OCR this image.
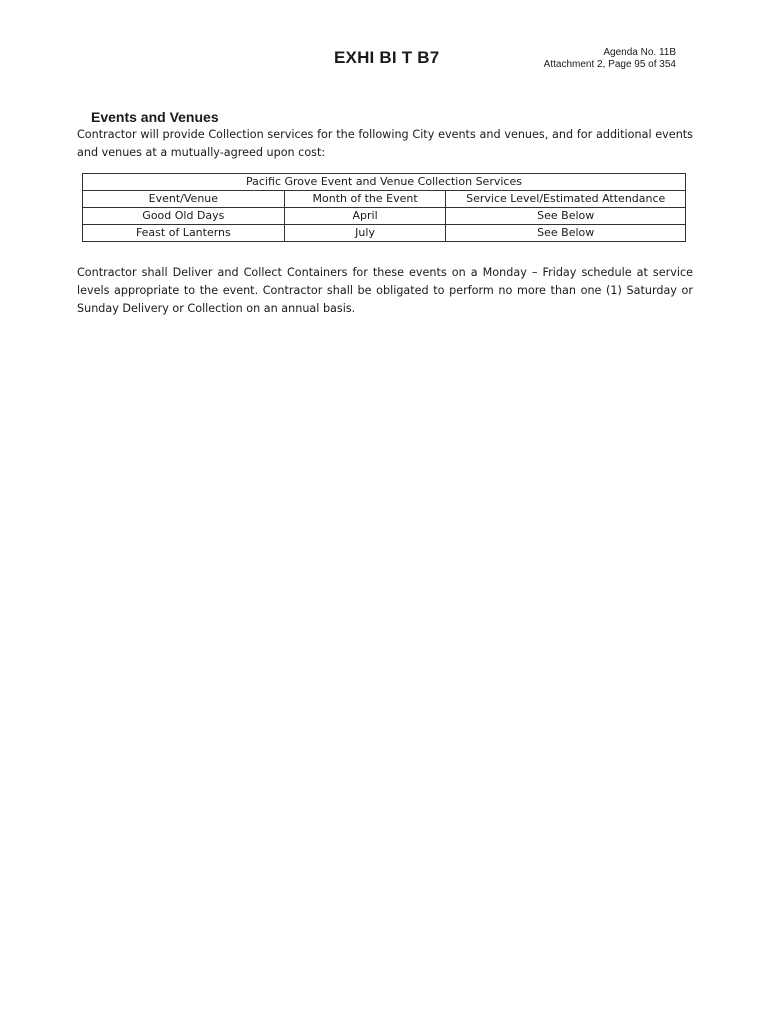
EXHI BI T B7	Agenda No. 11B
Attachment 2, Page 95 of 354
Events and Venues

Contractor will provide Collection services for the following City events and venues, and for additional events and venues at a mutually-agreed upon cost:

Pacific Grove Event and Venue Collection Services		
Event/Venue	Month of the Event	Service Level/Estimated Attendance
Good Old Days	April	See Below
Feast of Lanterns	July	See Below

Contractor shall Deliver and Collect Containers for these events on a Monday – Friday schedule at service levels appropriate to the event. Contractor shall be obligated to perform no more than one (1) Saturday or Sunday Delivery or Collection on an annual basis.
